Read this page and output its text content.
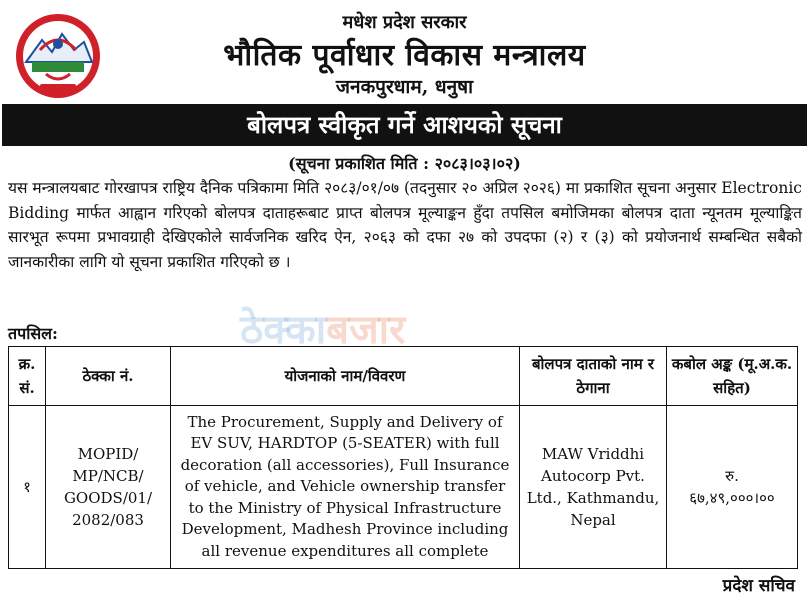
मधेश प्रदेश सरकार
भौतिक पूर्वाधार विकास मन्त्रालय
जनकपुरधाम, धनुषा
बोलपत्र स्वीकृत गर्ने आशयको सूचना
(सूचना प्रकाशित मिति : २०८३।०३।०२)
यस मन्त्रालयबाट गोरखापत्र राष्ट्रिय दैनिक पत्रिकामा मिति २०८३/०१/०७ (तदनुसार २० अप्रिल २०२६) मा प्रकाशित सूचना अनुसार Electronic Bidding मार्फत आह्वान गरिएको बोलपत्र दाताहरूबाट प्राप्त बोलपत्र मूल्याङ्कन हुँदा तपसिल बमोजिमका बोलपत्र दाता न्यूनतम मूल्याङ्कित सारभूत रूपमा प्रभावग्राही देखिएकोले सार्वजनिक खरिद ऐन, २०६३ को दफा २७ को उपदफा (२) र (३) को प्रयोजनार्थ सम्बन्धित सबैको जानकारीका लागि यो सूचना प्रकाशित गरिएको छ ।
ठेक्काबजार
तपसिल:
क्र. सं.	ठेक्का नं.	योजनाको नाम/विवरण	बोलपत्र दाताको नाम र ठेगाना	कबोल अङ्क (मू.अ.क. सहित)
१	MOPID/ MP/NCB/ GOODS/01/ 2082/083	The Procurement, Supply and Delivery of EV SUV, HARDTOP (5-SEATER) with full decoration (all accessories), Full Insurance of vehicle, and Vehicle ownership transfer to the Ministry of Physical Infrastructure Development, Madhesh Province including all revenue expenditures all complete	MAW Vriddhi Autocorp Pvt. Ltd., Kathmandu, Nepal	रु.
६७,४९,०००।००
प्रदेश सचिव
